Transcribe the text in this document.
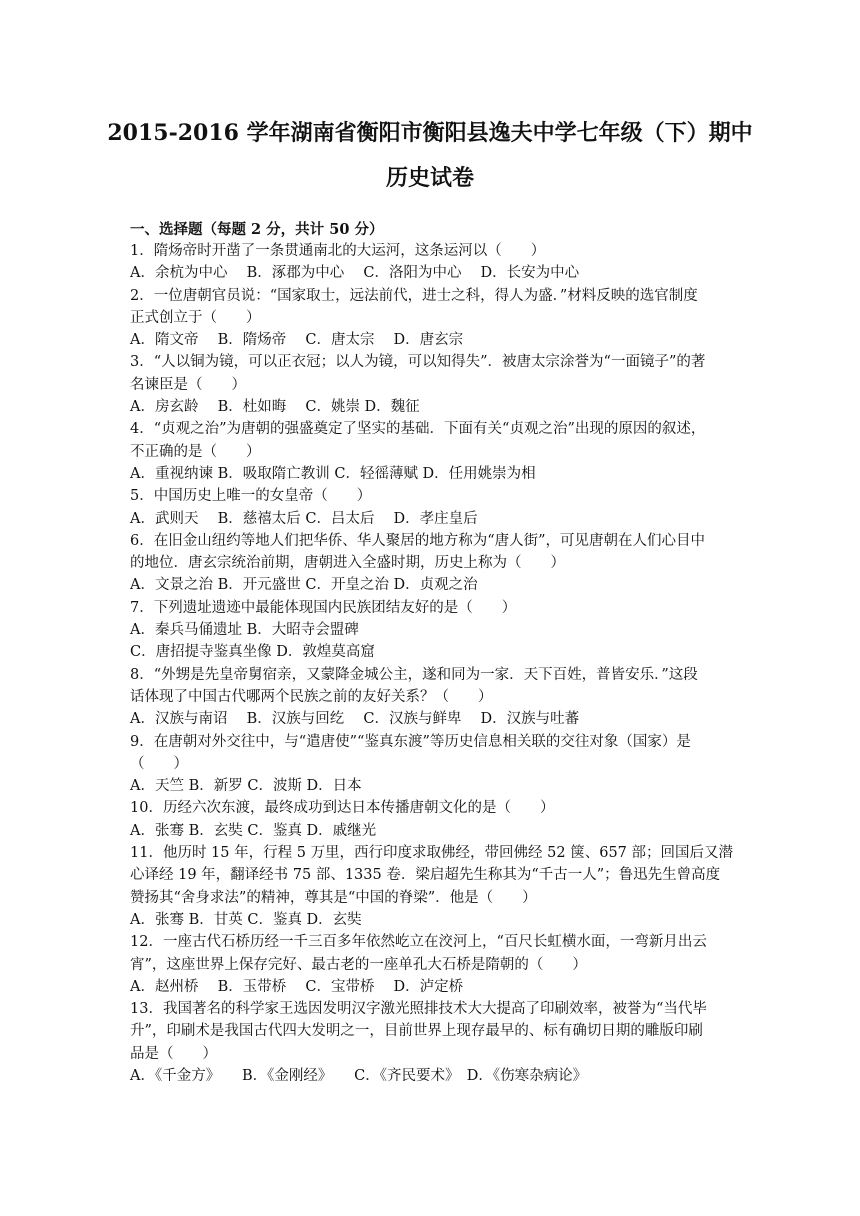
2015-2016 学年湖南省衡阳市衡阳县逸夫中学七年级（下）期中
历史试卷
一、选择题（每题 2 分，共计 50 分）
1．隋炀帝时开凿了一条贯通南北的大运河，这条运河以（　　）
A．余杭为中心　 B．涿郡为中心　 C．洛阳为中心　 D．长安为中心
2．一位唐朝官员说：“国家取士，远法前代，进士之科，得人为盛．”材料反映的选官制度
正式创立于（　　）
A．隋文帝　 B．隋炀帝　 C．唐太宗　 D．唐玄宗
3．“人以铜为镜，可以正衣冠；以人为镜，可以知得失”．被唐太宗涂誉为“一面镜子”的著
名谏臣是（　　）
A．房玄龄　 B．杜如晦　 C．姚崇 D．魏征
4．“贞观之治”为唐朝的强盛奠定了坚实的基础．下面有关“贞观之治”出现的原因的叙述，
不正确的是（　　）
A．重视纳谏 B．吸取隋亡教训 C．轻徭薄赋 D．任用姚崇为相
5．中国历史上唯一的女皇帝（　　）
A．武则天　 B．慈禧太后 C．吕太后　 D．孝庄皇后
6．在旧金山纽约等地人们把华侨、华人聚居的地方称为“唐人街”，可见唐朝在人们心目中
的地位．唐玄宗统治前期，唐朝进入全盛时期，历史上称为（　　）
A．文景之治 B．开元盛世 C．开皇之治 D．贞观之治
7．下列遗址遗迹中最能体现国内民族团结友好的是（　　）
A．秦兵马俑遗址 B．大昭寺会盟碑
C．唐招提寺鉴真坐像 D．敦煌莫高窟
8．“外甥是先皇帝舅宿亲，又蒙降金城公主，遂和同为一家．天下百姓，普皆安乐．”这段
话体现了中国古代哪两个民族之前的友好关系？（　　）
A．汉族与南诏　 B．汉族与回纥　 C．汉族与鲜卑　 D．汉族与吐蕃
9．在唐朝对外交往中，与“遣唐使”“鉴真东渡”等历史信息相关联的交往对象（国家）是
（　　）
A．天竺 B．新罗 C．波斯 D．日本
10．历经六次东渡，最终成功到达日本传播唐朝文化的是（　　）
A．张骞 B．玄奘 C．鉴真 D．戚继光
11．他历时 15 年，行程 5 万里，西行印度求取佛经，带回佛经 52 箧、657 部；回国后又潜
心译经 19 年，翻译经书 75 部、1335 卷．梁启超先生称其为“千古一人”；鲁迅先生曾高度
赞扬其“舍身求法”的精神，尊其是“中国的脊梁”．他是（　　）
A．张骞 B．甘英 C．鉴真 D．玄奘
12．一座古代石桥历经一千三百多年依然屹立在洨河上，“百尺长虹横水面，一弯新月出云
宵”，这座世界上保存完好、最古老的一座单孔大石桥是隋朝的（　　）
A．赵州桥　 B．玉带桥　 C．宝带桥　 D．泸定桥
13．我国著名的科学家王选因发明汉字激光照排技术大大提高了印刷效率，被誉为“当代毕
升”，印刷术是我国古代四大发明之一，目前世界上现存最早的、标有确切日期的雕版印刷
品是（　　）
A．《千金方》　　B．《金刚经》　　C．《齐民要术》　D．《伤寒杂病论》
